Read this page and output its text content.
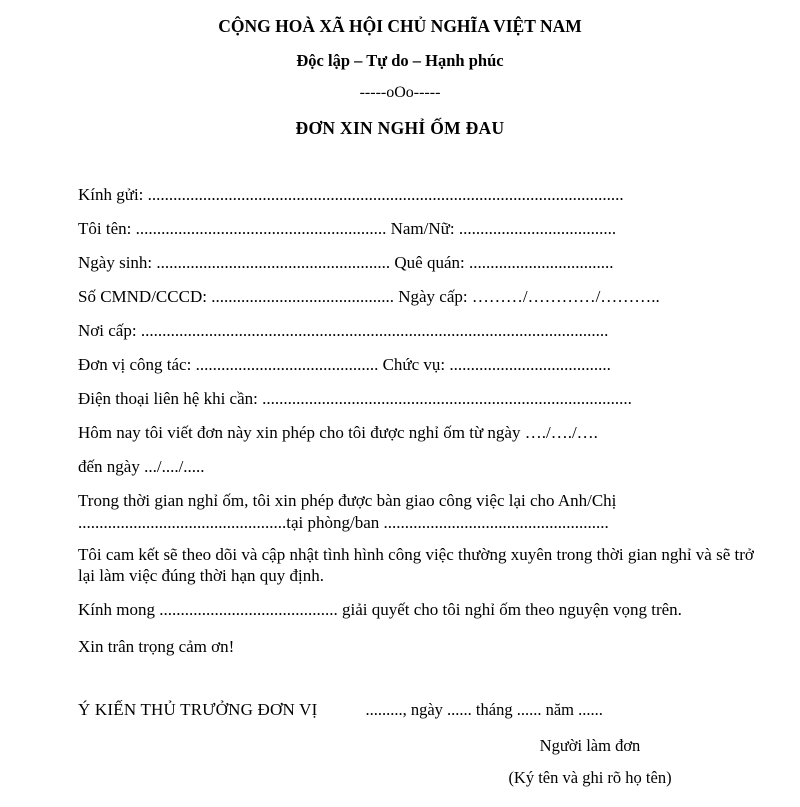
CỘNG HOÀ XÃ HỘI CHỦ NGHĨA VIỆT NAM
Độc lập – Tự do – Hạnh phúc
-----oOo-----
ĐƠN XIN NGHỈ ỐM ĐAU
Kính gửi: ................................................................................................................
Tôi tên: ........................................................... Nam/Nữ: .....................................
Ngày sinh: ....................................................... Quê quán: ..................................
Số CMND/CCCD: ........................................... Ngày cấp: ………/…………/………..
Nơi cấp: ..............................................................................................................
Đơn vị công tác: ........................................... Chức vụ: ......................................
Điện thoại liên hệ khi cần: .......................................................................................
Hôm nay tôi viết đơn này xin phép cho tôi được nghỉ ốm từ ngày …./…./….
đến ngày .../..../.....
Trong thời gian nghỉ ốm, tôi xin phép được bàn giao công việc lại cho Anh/Chị
.................................................tại phòng/ban .....................................................
Tôi cam kết sẽ theo dõi và cập nhật tình hình công việc thường xuyên trong thời gian nghỉ và sẽ trở lại làm việc đúng thời hạn quy định.
Kính mong .......................................... giải quyết cho tôi nghỉ ốm theo nguyện vọng trên.
Xin trân trọng cảm ơn!
Ý KIẾN THỦ TRƯỞNG ĐƠN VỊ	........., ngày ...... tháng ...... năm ......
Người làm đơn
(Ký tên và ghi rõ họ tên)
